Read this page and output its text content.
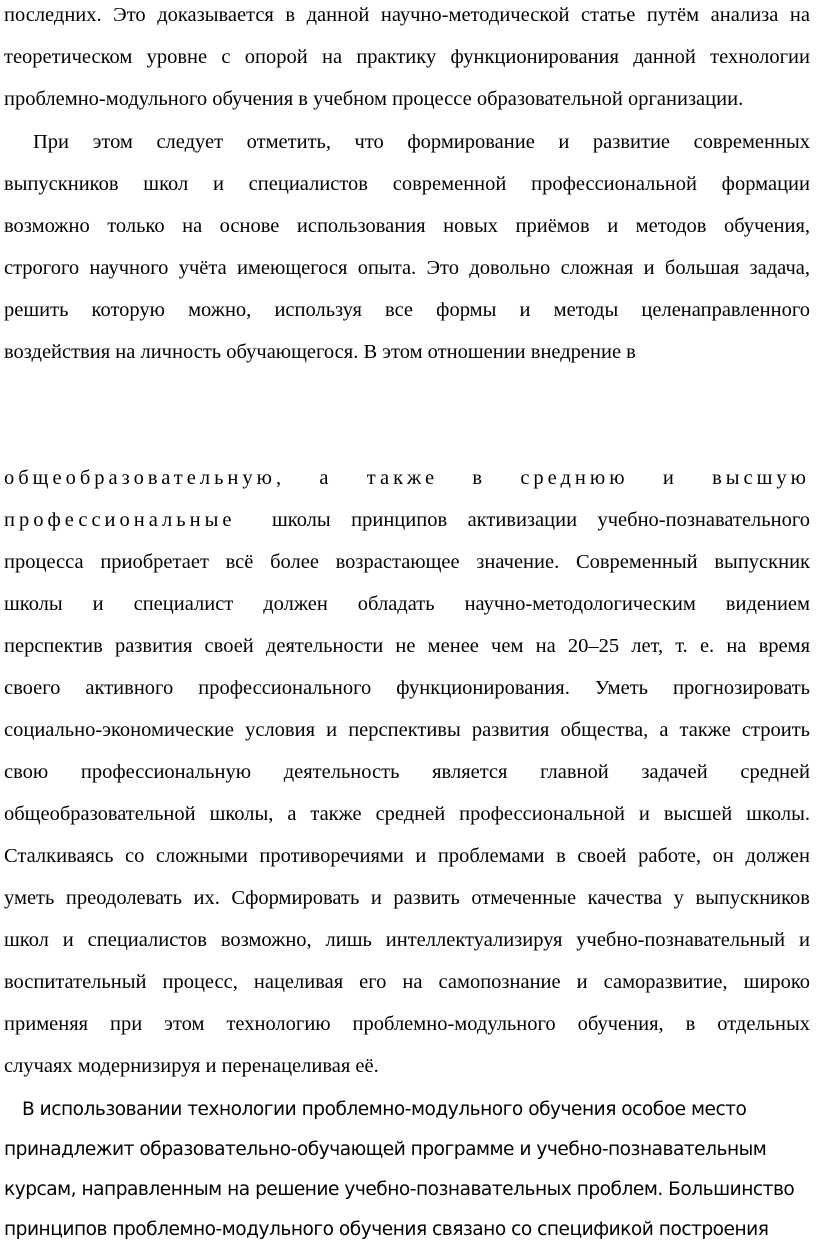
последних. Это доказывается в данной научно-методической статье путём анализа на
теоретическом уровне с опорой на практику функционирования данной технологии
проблемно-модульного обучения в учебном процессе образовательной организации.
При этом следует отметить, что формирование и развитие современных
выпускников школ и специалистов современной профессиональной формации
возможно только на основе использования новых приёмов и методов обучения,
строгого научного учёта имеющегося опыта. Это довольно сложная и большая задача,
решить которую можно, используя все формы и методы целенаправленного
воздействия на личность обучающегося. В этом отношении внедрение в
общеобразовательную, а также в среднюю и высшую
профессиональные школы принципов активизации учебно-познавательного
процесса приобретает всё более возрастающее значение. Современный выпускник
школы и специалист должен обладать научно-методологическим видением
перспектив развития своей деятельности не менее чем на 20–25 лет, т. е. на время
своего активного профессионального функционирования. Уметь прогнозировать
социально-экономические условия и перспективы развития общества, а также строить
свою профессиональную деятельность является главной задачей средней
общеобразовательной школы, а также средней профессиональной и высшей школы.
Сталкиваясь со сложными противоречиями и проблемами в своей работе, он должен
уметь преодолевать их. Сформировать и развить отмеченные качества у выпускников
школ и специалистов возможно, лишь интеллектуализируя учебно-познавательный и
воспитательный процесс, нацеливая его на самопознание и саморазвитие, широко
применяя при этом технологию проблемно-модульного обучения, в отдельных
случаях модернизируя и перенацеливая её.
В использовании технологии проблемно-модульного обучения особое место
принадлежит образовательно-обучающей программе и учебно-познавательным
курсам, направленным на решение учебно-познавательных проблем. Большинство
принципов проблемно-модульного обучения связано со спецификой построения
